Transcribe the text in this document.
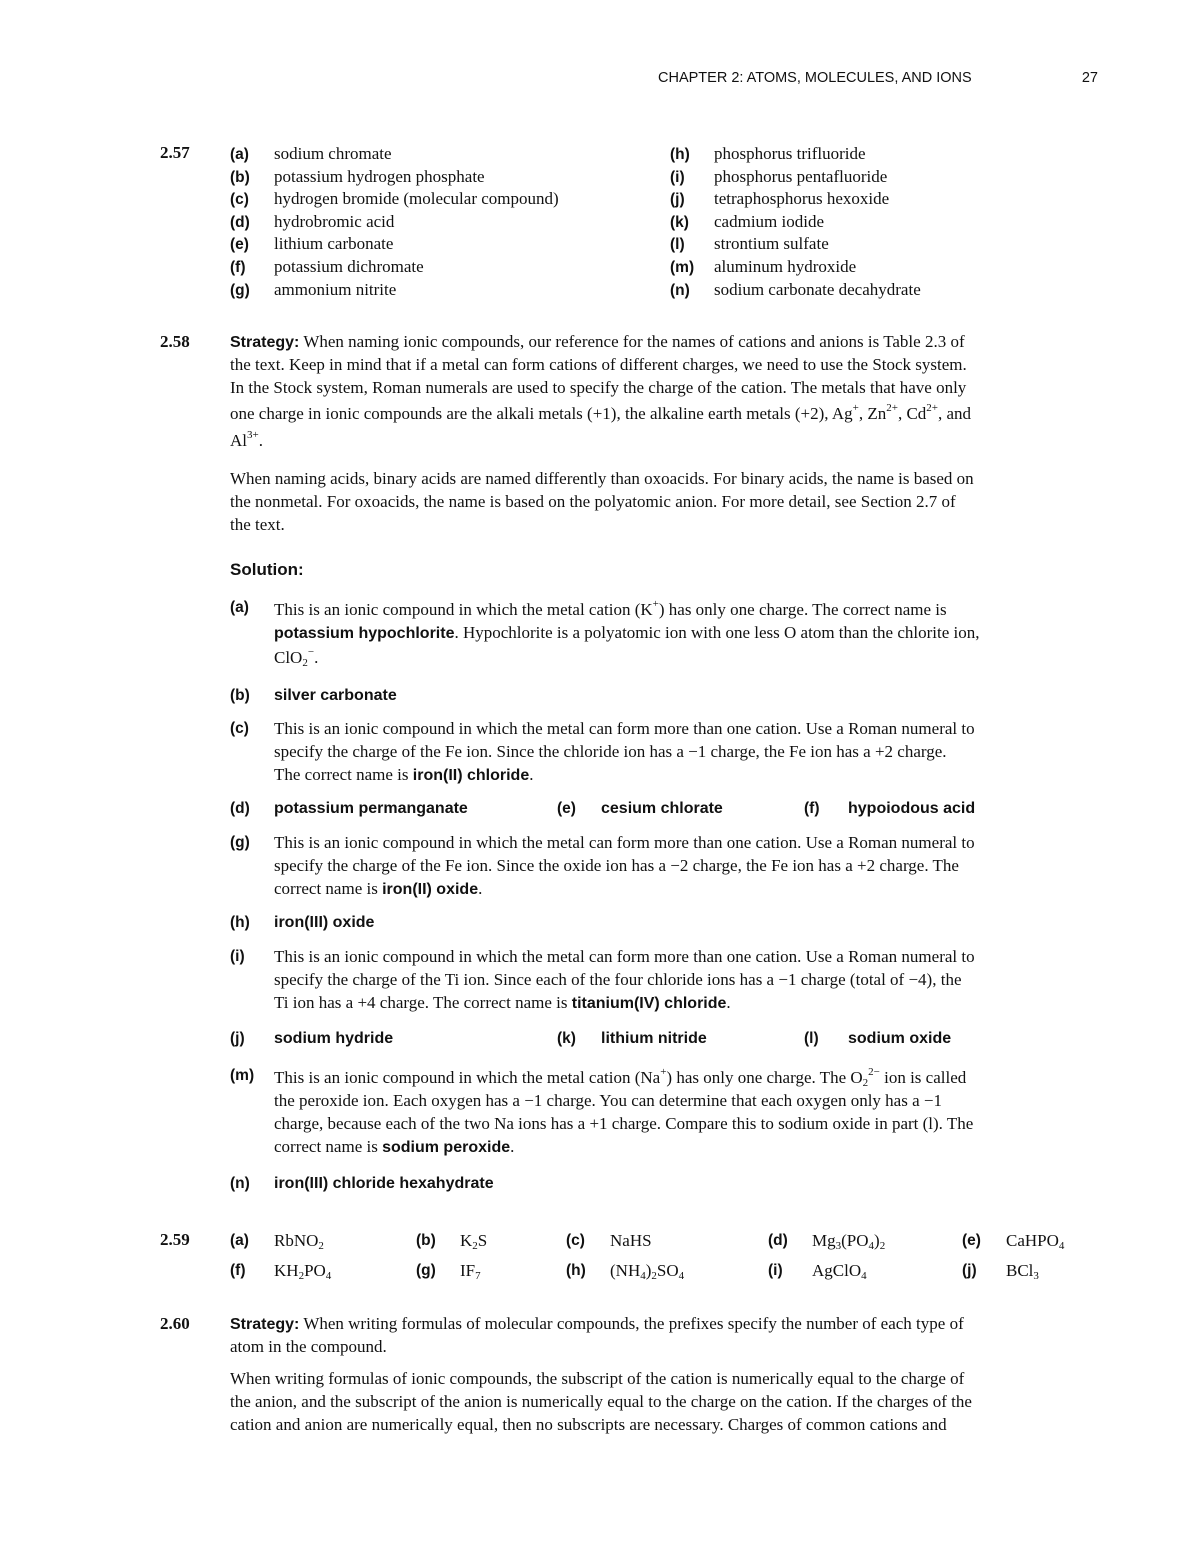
CHAPTER 2: ATOMS, MOLECULES, AND IONS	27
2.57	(a) sodium chromate
(b) potassium hydrogen phosphate
(c) hydrogen bromide (molecular compound)
(d) hydrobromic acid
(e) lithium carbonate
(f) potassium dichromate
(g) ammonium nitrite
(h) phosphorus trifluoride
(i) phosphorus pentafluoride
(j) tetraphosphorus hexoxide
(k) cadmium iodide
(l) strontium sulfate
(m) aluminum hydroxide
(n) sodium carbonate decahydrate
2.58	Strategy: When naming ionic compounds, our reference for the names of cations and anions is Table 2.3 of
the text. Keep in mind that if a metal can form cations of different charges, we need to use the Stock system.
In the Stock system, Roman numerals are used to specify the charge of the cation. The metals that have only
one charge in ionic compounds are the alkali metals (+1), the alkaline earth metals (+2), Ag+, $Zn^{2+}$, $Cd^{2+}$, and
$Al^{3+}$.
When naming acids, binary acids are named differently than oxoacids. For binary acids, the name is based on
the nonmetal. For oxoacids, the name is based on the polyatomic anion. For more detail, see Section 2.7 of
the text.
Solution:
(a) This is an ionic compound in which the metal cation (K+) has only one charge. The correct name is
potassium hypochlorite. Hypochlorite is a polyatomic ion with one less O atom than the chlorite ion,
ClO$_2$−.
(b) silver carbonate
(c) This is an ionic compound in which the metal can form more than one cation. Use a Roman numeral to
specify the charge of the Fe ion. Since the chloride ion has a −1 charge, the Fe ion has a +2 charge.
The correct name is iron(II) chloride.
(d) potassium permanganate	(e) cesium chlorate	(f) hypoiodous acid
(g) This is an ionic compound in which the metal can form more than one cation. Use a Roman numeral to
specify the charge of the Fe ion. Since the oxide ion has a −2 charge, the Fe ion has a +2 charge. The
correct name is iron(II) oxide.
(h) iron(III) oxide
(i) This is an ionic compound in which the metal can form more than one cation. Use a Roman numeral to
specify the charge of the Ti ion. Since each of the four chloride ions has a −1 charge (total of −4), the
Ti ion has a +4 charge. The correct name is titanium(IV) chloride.
(j) sodium hydride	(k) lithium nitride	(l) sodium oxide
(m) This is an ionic compound in which the metal cation (Na+) has only one charge. The $O_2^{2-}$ ion is called
the peroxide ion. Each oxygen has a −1 charge. You can determine that each oxygen only has a −1
charge, because each of the two Na ions has a +1 charge. Compare this to sodium oxide in part (l). The
correct name is sodium peroxide.
(n) iron(III) chloride hexahydrate
2.59	(a) RbNO$_2$	(b) $K_2S$	(c) NaHS	(d) $Mg_3(PO_4)_2$	(e) CaHPO$_4$
(f) $KH_2PO_4$	(g) $IF_7$	(h) $(NH_4)_2SO_4$	(i) AgClO$_4$	(j) BCl$_3$
2.60	Strategy: When writing formulas of molecular compounds, the prefixes specify the number of each type of
atom in the compound.
When writing formulas of ionic compounds, the subscript of the cation is numerically equal to the charge of
the anion, and the subscript of the anion is numerically equal to the charge on the cation. If the charges of the
cation and anion are numerically equal, then no subscripts are necessary. Charges of common cations and
